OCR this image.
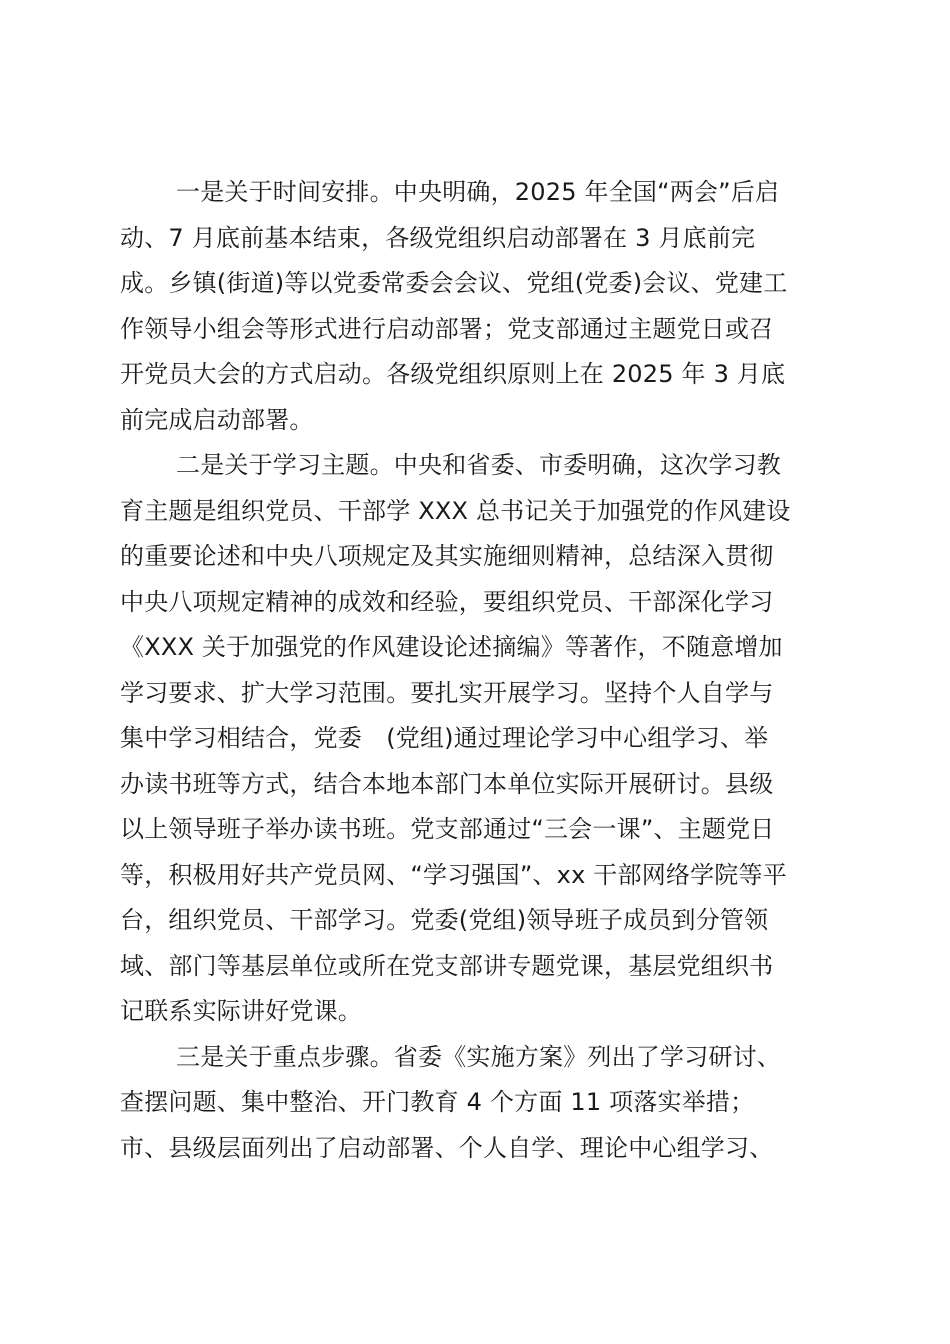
一是关于时间安排。中央明确，2025 年全国“两会”后启
动、7 月底前基本结束，各级党组织启动部署在 3 月底前完
成。乡镇(街道)等以党委常委会会议、党组(党委)会议、党建工
作领导小组会等形式进行启动部署；党支部通过主题党日或召
开党员大会的方式启动。各级党组织原则上在 2025 年 3 月底
前完成启动部署。
二是关于学习主题。中央和省委、市委明确，这次学习教
育主题是组织党员、干部学 XXX 总书记关于加强党的作风建设
的重要论述和中央八项规定及其实施细则精神，总结深入贯彻
中央八项规定精神的成效和经验，要组织党员、干部深化学习
《XXX 关于加强党的作风建设论述摘编》等著作，不随意增加
学习要求、扩大学习范围。要扎实开展学习。坚持个人自学与
集中学习相结合，党委　(党组)通过理论学习中心组学习、举
办读书班等方式，结合本地本部门本单位实际开展研讨。县级
以上领导班子举办读书班。党支部通过“三会一课”、主题党日
等，积极用好共产党员网、“学习强国”、xx 干部网络学院等平
台，组织党员、干部学习。党委(党组)领导班子成员到分管领
域、部门等基层单位或所在党支部讲专题党课，基层党组织书
记联系实际讲好党课。
三是关于重点步骤。省委《实施方案》列出了学习研讨、
查摆问题、集中整治、开门教育 4 个方面 11 项落实举措；
市、县级层面列出了启动部署、个人自学、理论中心组学习、
